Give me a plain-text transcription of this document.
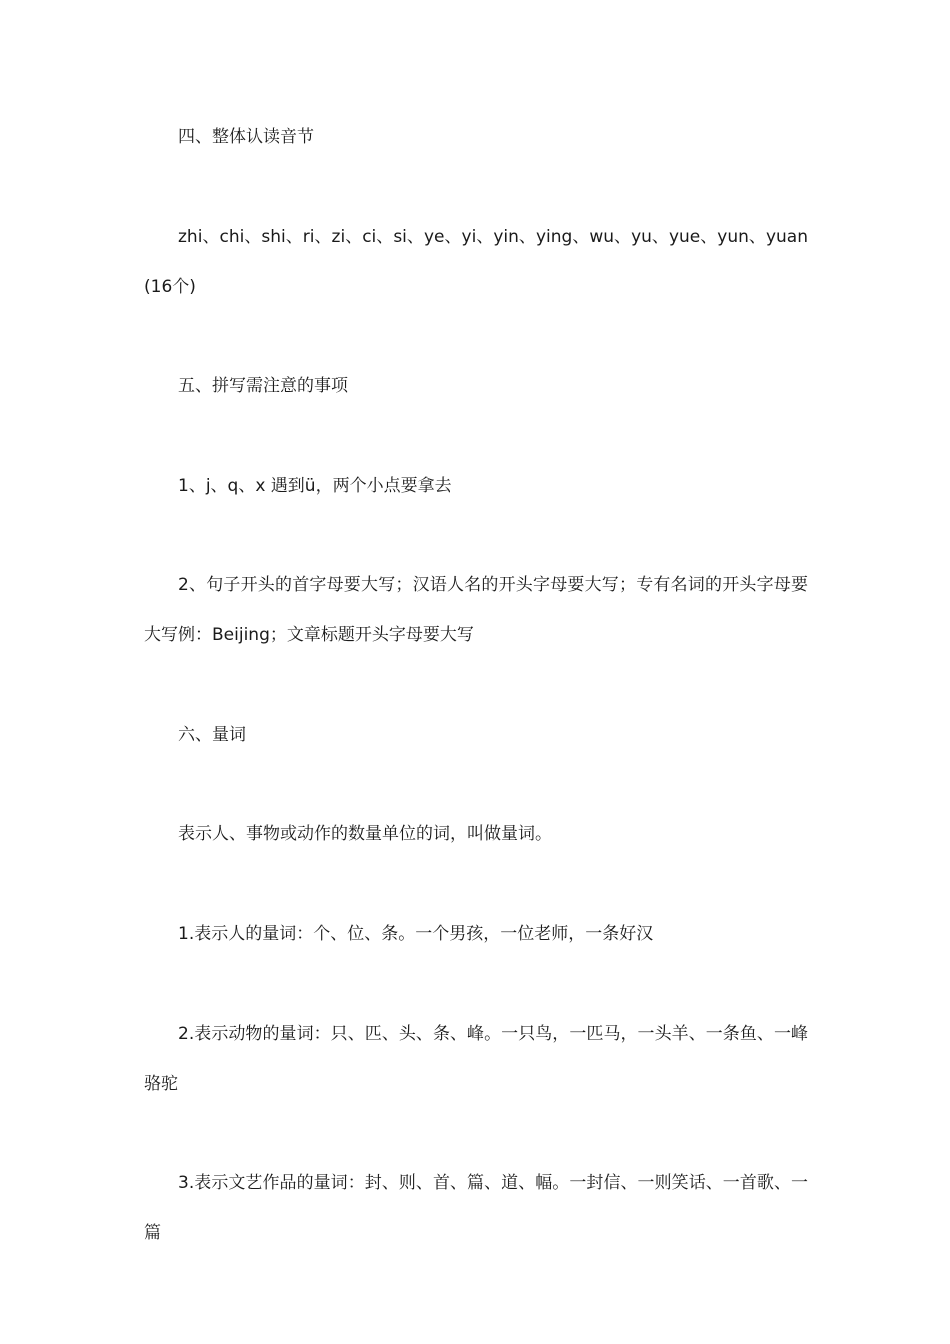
四、整体认读音节

zhi、chi、shi、ri、zi、ci、si、ye、yi、yin、ying、wu、yu、yue、yun、yuan(16个)

五、拼写需注意的事项

1、j、q、x 遇到ü，两个小点要拿去

2、句子开头的首字母要大写；汉语人名的开头字母要大写；专有名词的开头字母要大写例：Beijing；文章标题开头字母要大写

六、量词

表示人、事物或动作的数量单位的词，叫做量词。

1.表示人的量词：个、位、条。一个男孩，一位老师，一条好汉

2.表示动物的量词：只、匹、头、条、峰。一只鸟，一匹马，一头羊、一条鱼、一峰骆驼

3.表示文艺作品的量词：封、则、首、篇、道、幅。一封信、一则笑话、一首歌、一篇
